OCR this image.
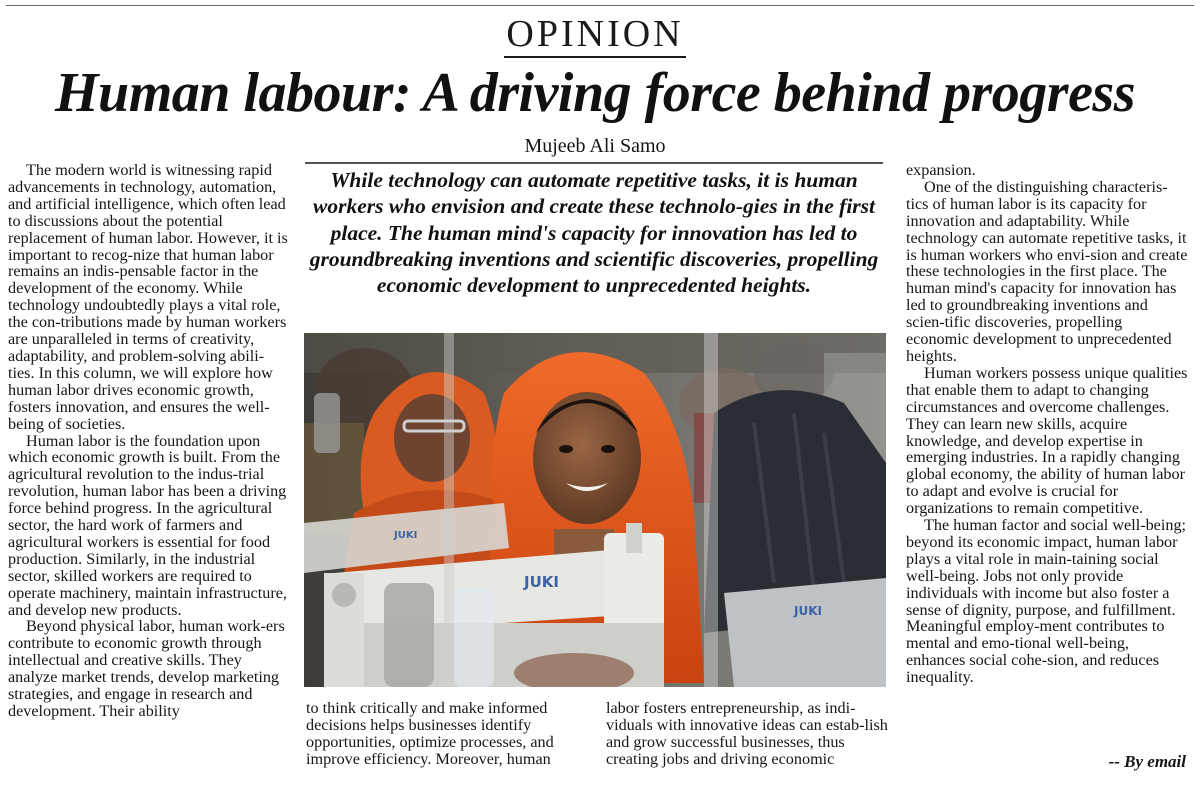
OPINION
Human labour: A driving force behind progress
Mujeeb Ali Samo

The modern world is witnessing rapid advancements in technology, automation, and artificial intelligence, which often lead to discussions about the potential replacement of human labor. However, it is important to recog-nize that human labor remains an indis-pensable factor in the development of the economy. While technology undoubtedly plays a vital role, the con-tributions made by human workers are unparalleled in terms of creativity, adaptability, and problem-solving abili-ties. In this column, we will explore how human labor drives economic growth, fosters innovation, and ensures the well-being of societies.

Human labor is the foundation upon which economic growth is built. From the agricultural revolution to the indus-trial revolution, human labor has been a driving force behind progress. In the agricultural sector, the hard work of farmers and agricultural workers is essential for food production. Similarly, in the industrial sector, skilled workers are required to operate machinery, maintain infrastructure, and develop new products.

Beyond physical labor, human work-ers contribute to economic growth through intellectual and creative skills. They analyze market trends, develop marketing strategies, and engage in research and development. Their ability

While technology can automate repetitive tasks, it is human workers who envision and create these technolo-gies in the first place. The human mind's capacity for innovation has led to groundbreaking inventions and scientific discoveries, propelling economic development to unprecedented heights.
JUKI
JUKI
JUKI

to think critically and make informed decisions helps businesses identify opportunities, optimize processes, and improve efficiency. Moreover, human

labor fosters entrepreneurship, as indi-viduals with innovative ideas can estab-lish and grow successful businesses, thus creating jobs and driving economic

expansion.

One of the distinguishing characteris-tics of human labor is its capacity for innovation and adaptability. While technology can automate repetitive tasks, it is human workers who envi-sion and create these technologies in the first place. The human mind's capacity for innovation has led to groundbreaking inventions and scien-tific discoveries, propelling economic development to unprecedented heights.

Human workers possess unique qualities that enable them to adapt to changing circumstances and overcome challenges. They can learn new skills, acquire knowledge, and develop expertise in emerging industries. In a rapidly changing global economy, the ability of human labor to adapt and evolve is crucial for organizations to remain competitive.

The human factor and social well-being; beyond its economic impact, human labor plays a vital role in main-taining social well-being. Jobs not only provide individuals with income but also foster a sense of dignity, purpose, and fulfillment. Meaningful employ-ment contributes to mental and emo-tional well-being, enhances social cohe-sion, and reduces inequality.

-- By email
